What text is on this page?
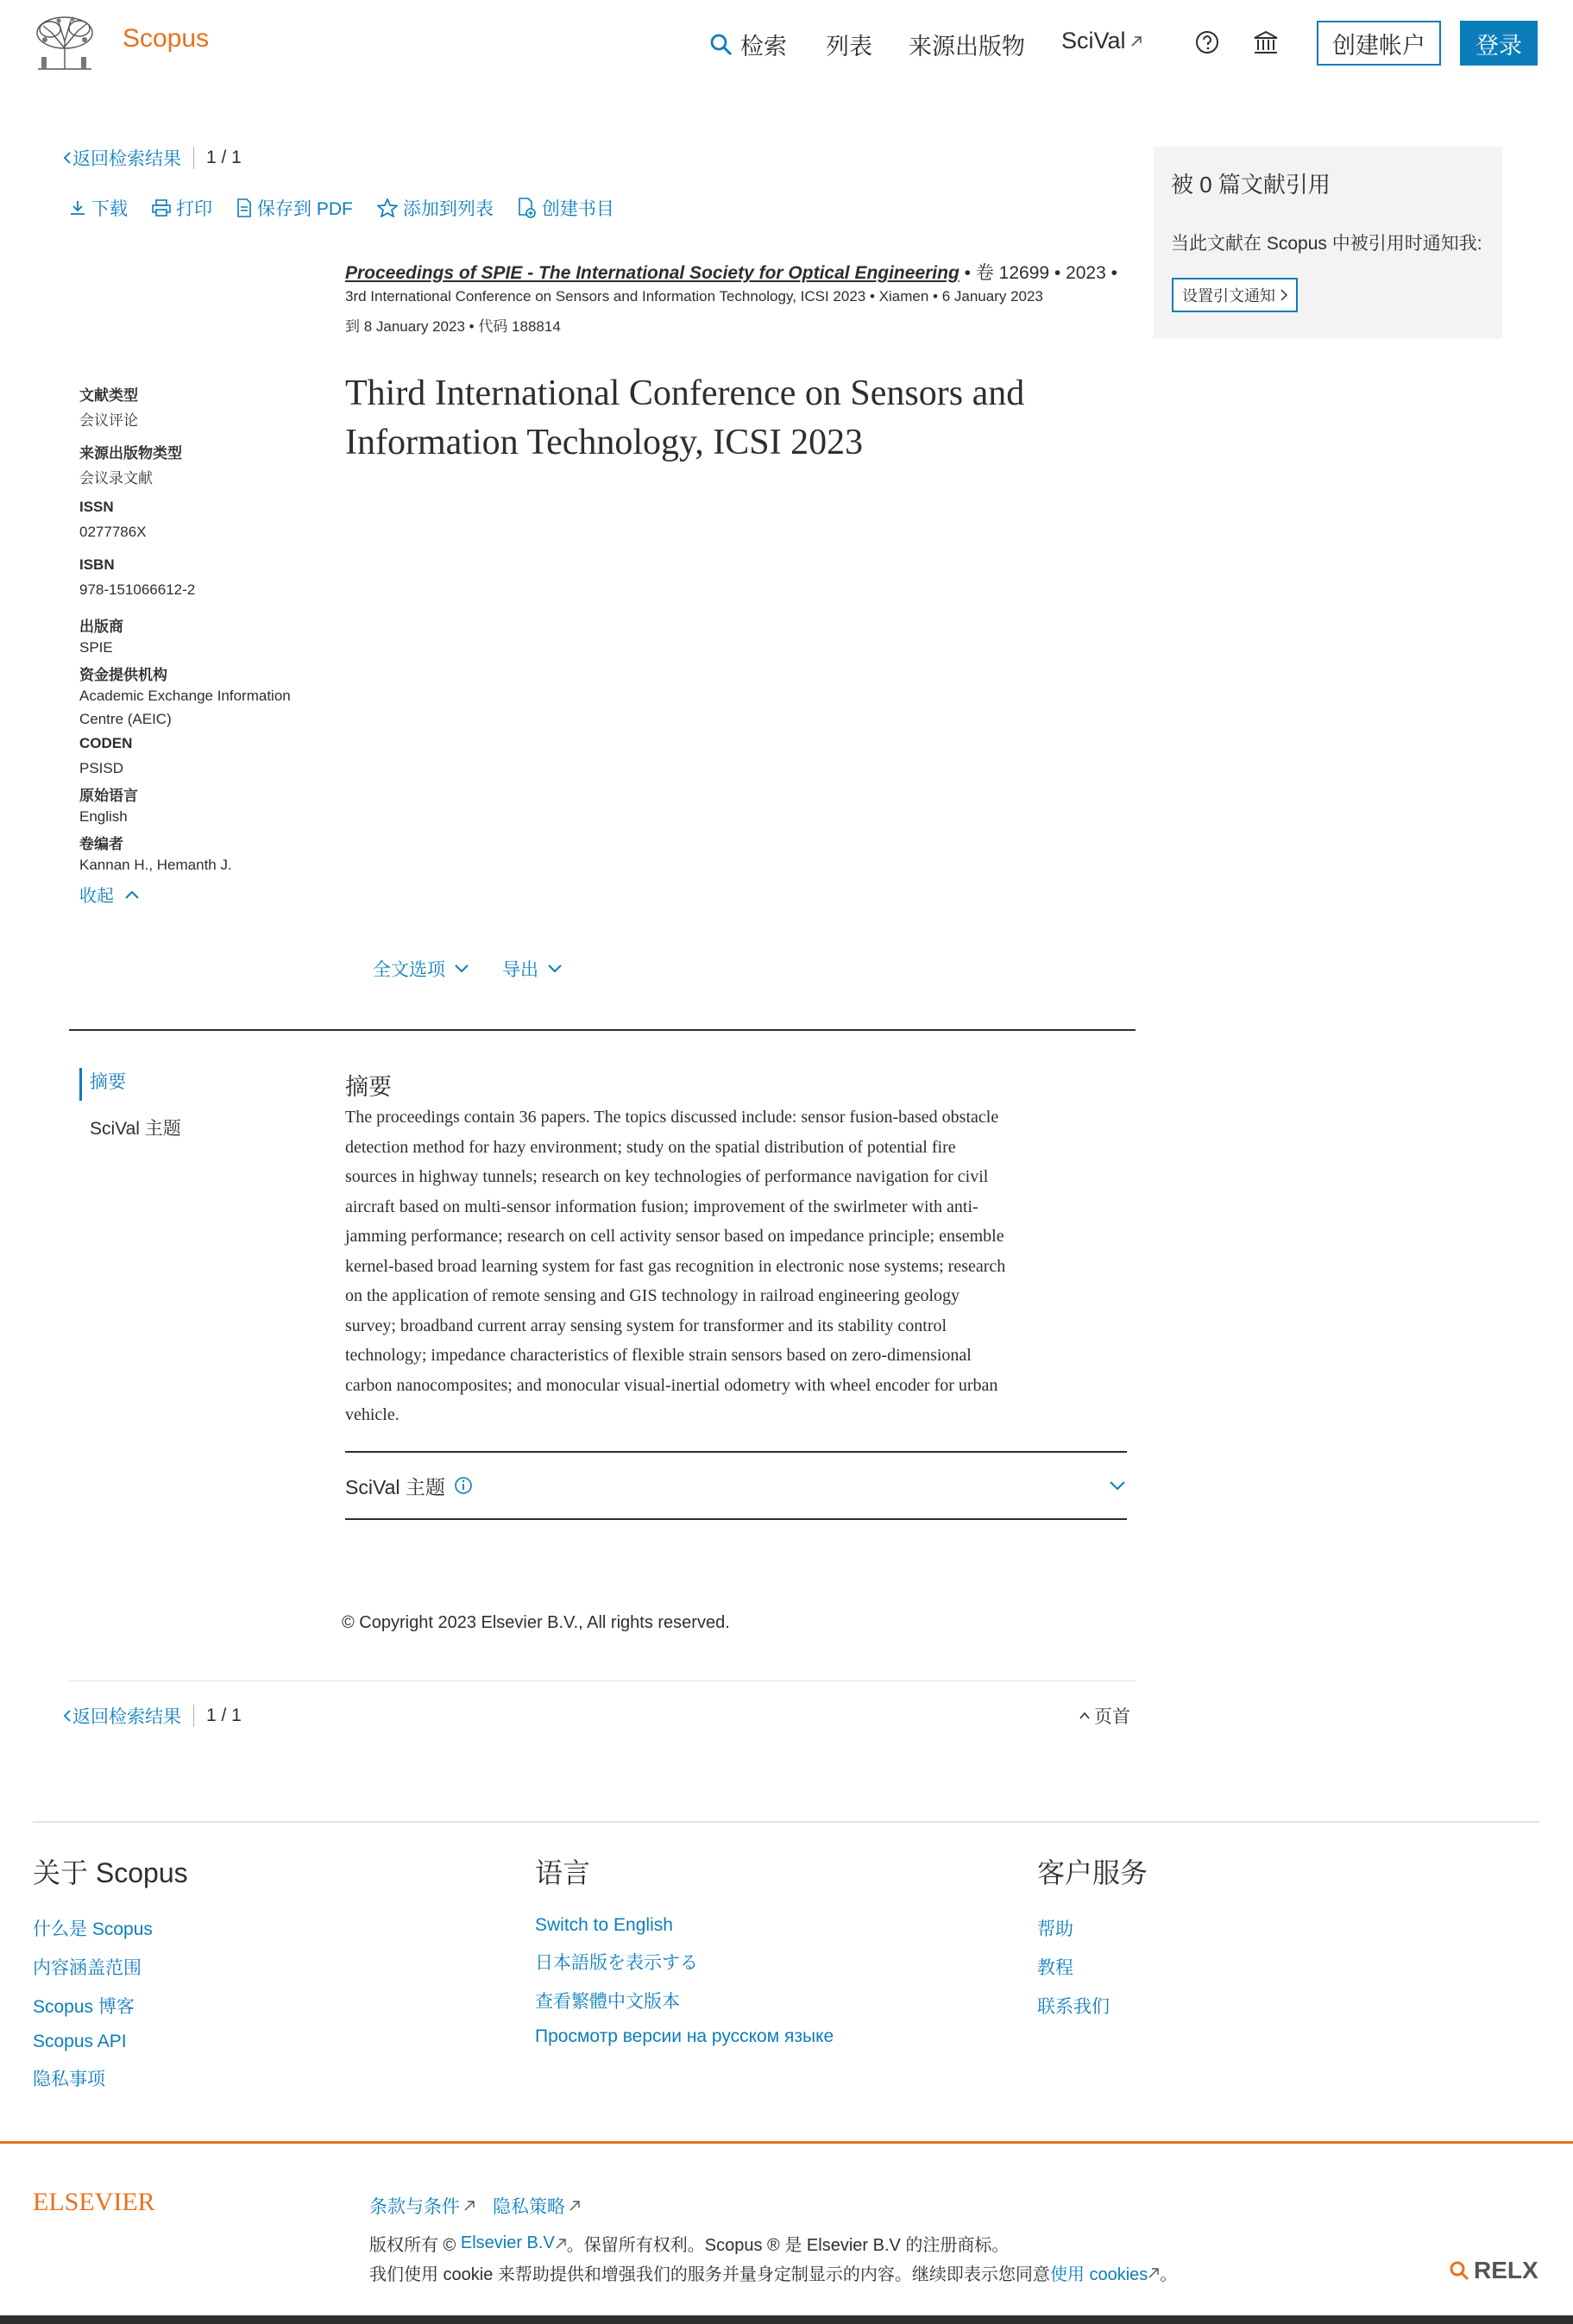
Scopus	检索 列表 来源出版物 SciVal	创建帐户	登录
返回检索结果 1 / 1
下载	打印 保存到 PDF	添加到列表	创建书目
被 0 篇文献引用
当此文献在 Scopus 中被引用时通知我:
设置引文通知
Proceedings of SPIE - The International Society for Optical Engineering • 卷 12699 • 2023 •
3rd International Conference on Sensors and Information Technology, ICSI 2023 • Xiamen • 6 January 2023
到 8 January 2023 • 代码 188814
Third International Conference on Sensors and Information Technology, ICSI 2023
文献类型
会议评论
来源出版物类型
会议录文献
ISSN
0277786X
ISBN
978-151066612-2
出版商
SPIE
资金提供机构
Academic Exchange Information
Centre (AEIC)
CODEN
PSISD
原始语言
English
卷编者
Kannan H., Hemanth J.
收起
全文选项	导出
摘要
SciVal 主题
摘要
The proceedings contain 36 papers. The topics discussed include: sensor fusion-based obstacle
detection method for hazy environment; study on the spatial distribution of potential fire
sources in highway tunnels; research on key technologies of performance navigation for civil
aircraft based on multi-sensor information fusion; improvement of the swirlmeter with anti-
jamming performance; research on cell activity sensor based on impedance principle; ensemble
kernel-based broad learning system for fast gas recognition in electronic nose systems; research
on the application of remote sensing and GIS technology in railroad engineering geology
survey; broadband current array sensing system for transformer and its stability control
technology; impedance characteristics of flexible strain sensors based on zero-dimensional
carbon nanocomposites; and monocular visual-inertial odometry with wheel encoder for urban
vehicle.
SciVal 主题
© Copyright 2023 Elsevier B.V., All rights reserved.
返回检索结果 1 / 1	页首
关于 Scopus
什么是 Scopus
内容涵盖范围
Scopus 博客
Scopus API
隐私事项
语言
Switch to English
日本語版を表示する
查看繁體中文版本
Просмотр версии на русском языке
客户服务
帮助
教程
联系我们
ELSEVIER	条款与条件 隐私策略
版权所有 ©
Elsevier B.V 。保留所有权利。Scopus ® 是 Elsevier B.V 的注册商标。
我们使用 cookie 来帮助提供和增强我们的服务并量身定制显示的内容。继续即表示您同意 使用 cookies 。	RELX
